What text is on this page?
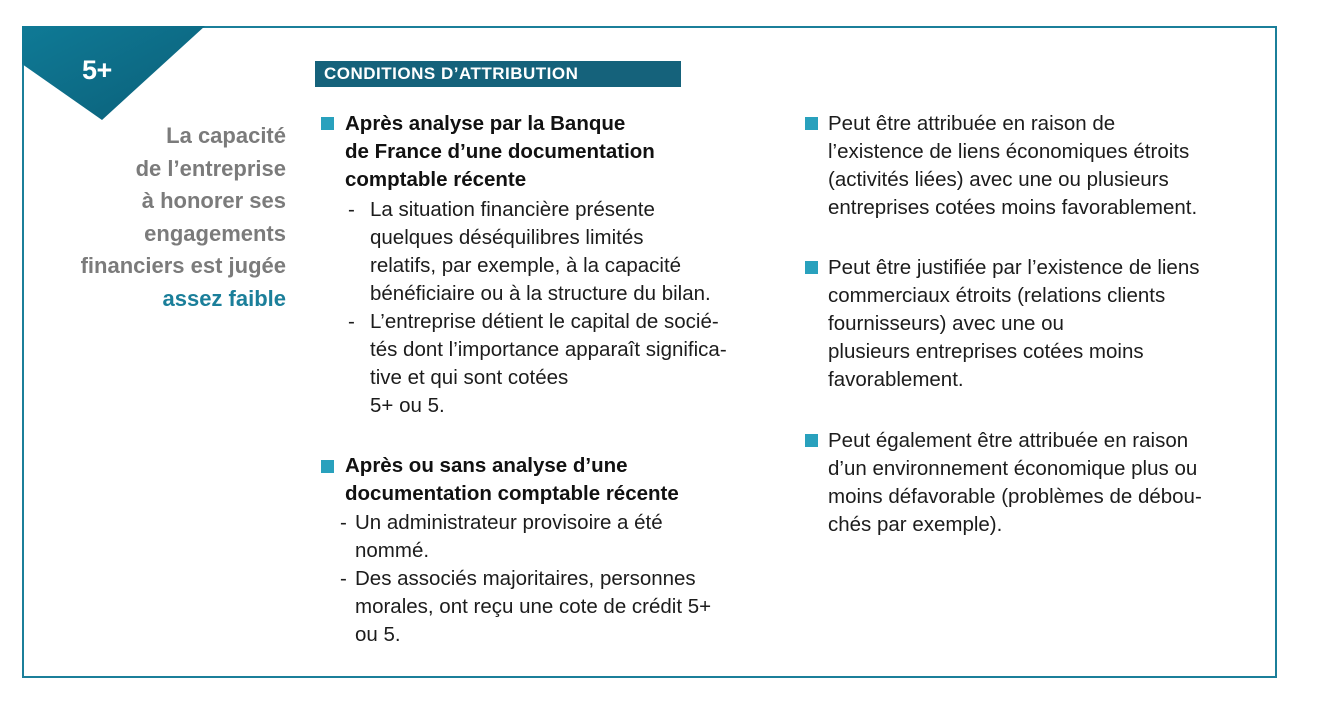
5+
La capacité
de l’entreprise
à honorer ses
engagements
financiers est jugée
assez faible
CONDITIONS D’ATTRIBUTION
Après analyse par la Banque
de France d’une documentation
comptable récente
- La situation financière présente
quelques déséquilibres limités
relatifs, par exemple, à la capacité
bénéficiaire ou à la structure du bilan.
- L’entreprise détient le capital de socié-
tés dont l’importance apparaît significa-
tive et qui sont cotées
5+ ou 5.
Après ou sans analyse d’une
documentation comptable récente
- Un administrateur provisoire a été
nommé.
- Des associés majoritaires, personnes
morales, ont reçu une cote de crédit 5+
ou 5.
Peut être attribuée en raison de
l’existence de liens économiques étroits
(activités liées) avec une ou plusieurs
entreprises cotées moins favorablement.
Peut être justifiée par l’existence de liens
commerciaux étroits (relations clients
fournisseurs) avec une ou
plusieurs entreprises cotées moins
favorablement.
Peut également être attribuée en raison
d’un environnement économique plus ou
moins défavorable (problèmes de débou-
chés par exemple).
